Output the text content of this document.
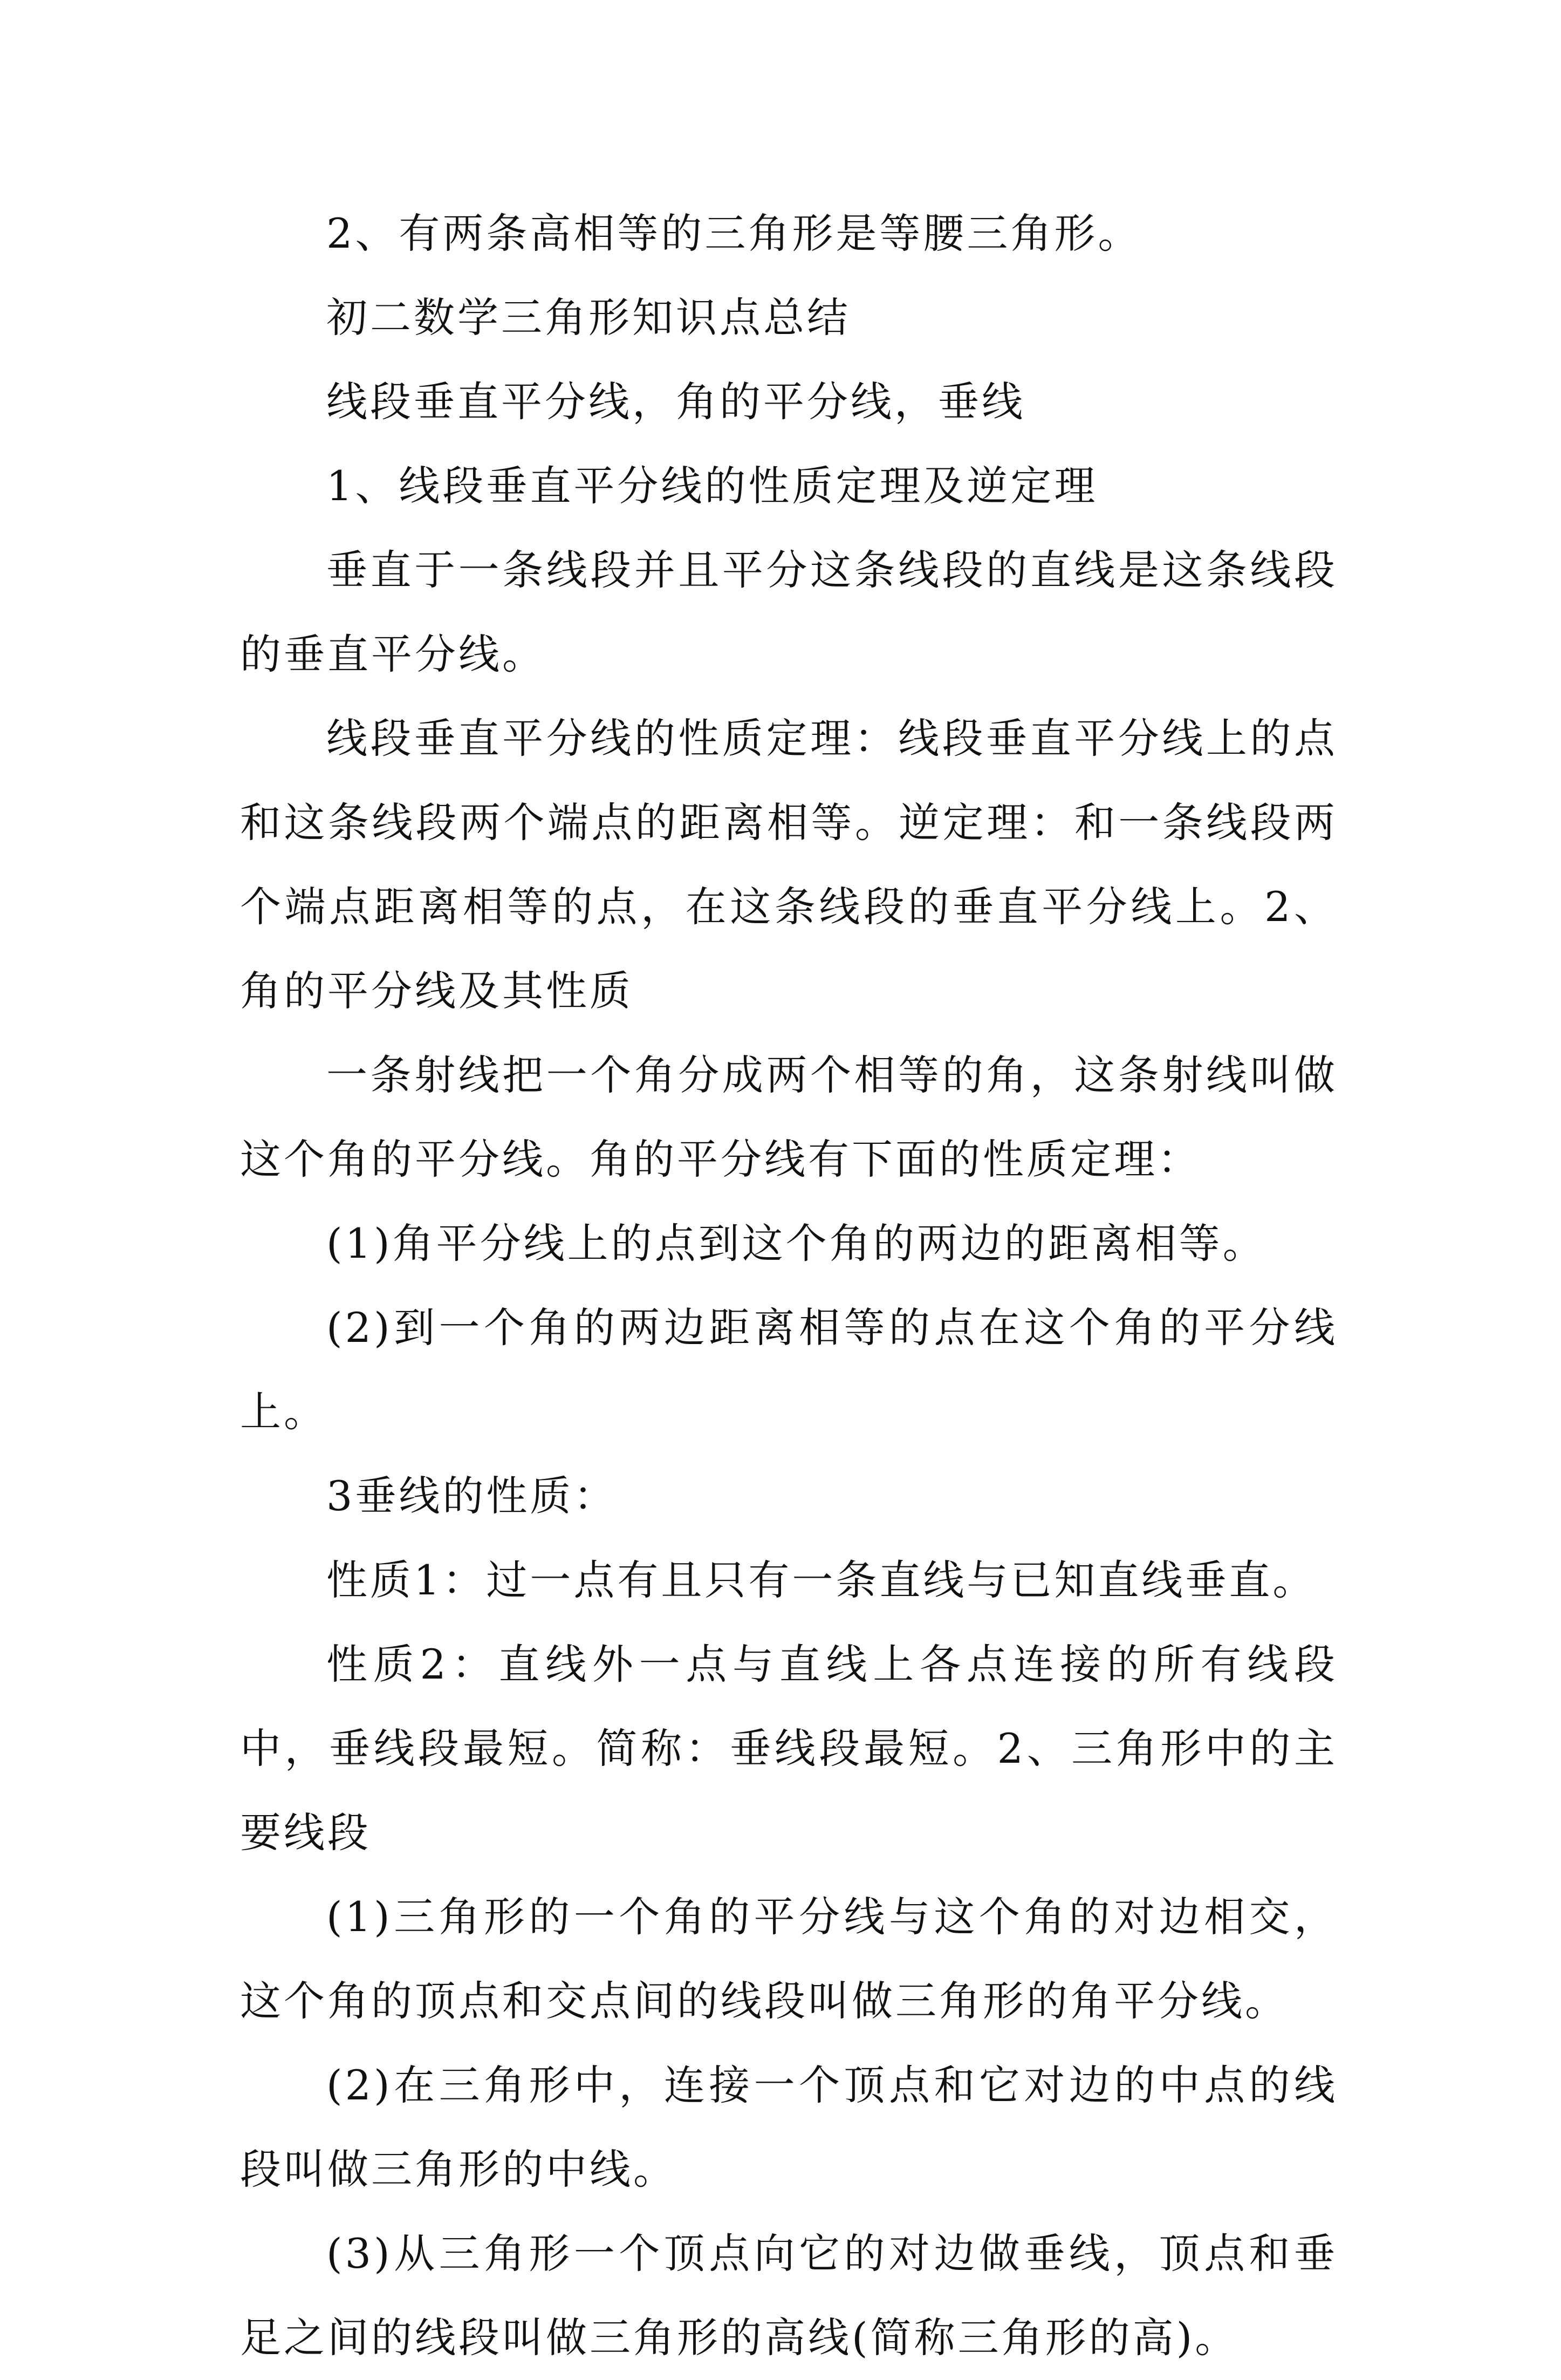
2、有两条高相等的三角形是等腰三角形。

初二数学三角形知识点总结

线段垂直平分线，角的平分线，垂线

1、线段垂直平分线的性质定理及逆定理

垂直于一条线段并且平分这条线段的直线是这条线段的垂直平分线。

线段垂直平分线的性质定理：线段垂直平分线上的点和这条线段两个端点的距离相等。逆定理：和一条线段两个端点距离相等的点，在这条线段的垂直平分线上。2、角的平分线及其性质

一条射线把一个角分成两个相等的角，这条射线叫做这个角的平分线。角的平分线有下面的性质定理：

(1)角平分线上的点到这个角的两边的距离相等。

(2)到一个角的两边距离相等的点在这个角的平分线上。

3垂线的性质：

性质1：过一点有且只有一条直线与已知直线垂直。

性质2：直线外一点与直线上各点连接的所有线段中，垂线段最短。简称：垂线段最短。2、三角形中的主要线段

(1)三角形的一个角的平分线与这个角的对边相交，这个角的顶点和交点间的线段叫做三角形的角平分线。

(2)在三角形中，连接一个顶点和它对边的中点的线段叫做三角形的中线。

(3)从三角形一个顶点向它的对边做垂线，顶点和垂足之间的线段叫做三角形的高线(简称三角形的高)。
